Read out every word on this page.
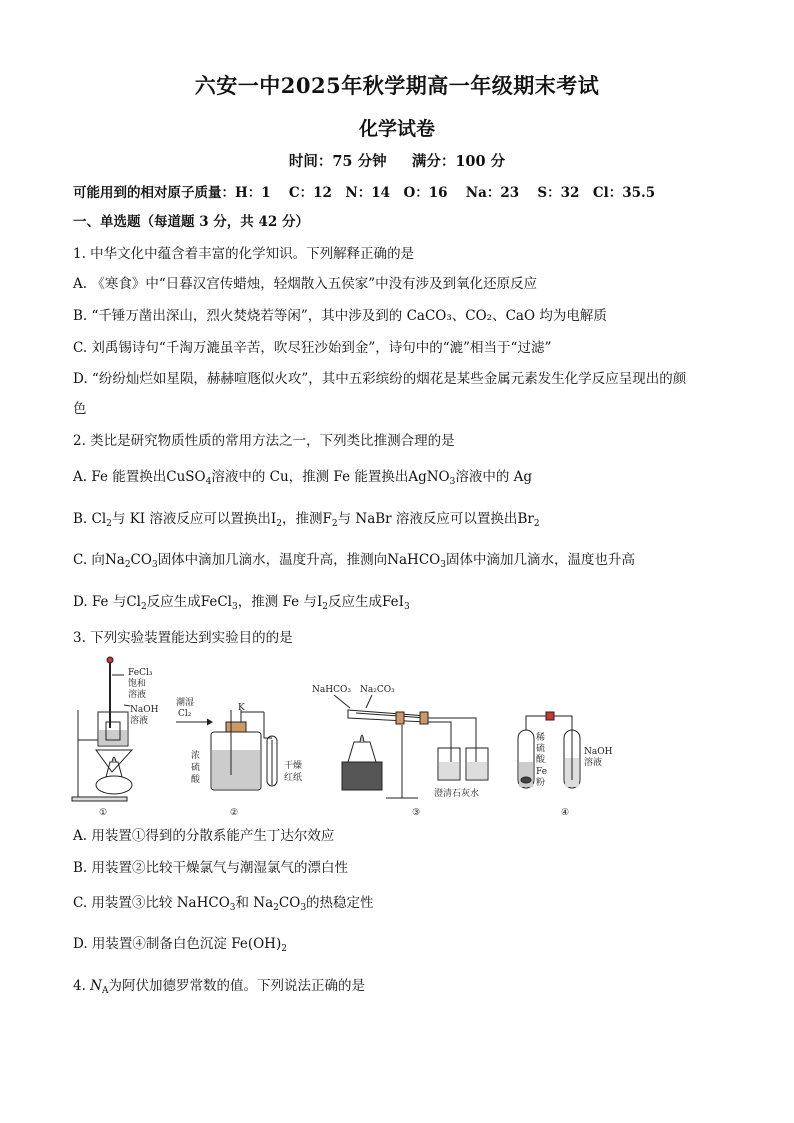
六安一中2025年秋学期高一年级期末考试
化学试卷
时间：75 分钟 满分：100 分
可能用到的相对原子质量：H：1　 C：12　N：14　O：16　 Na：23　 S：32　Cl：35.5
一、单选题（每道题 3 分，共 42 分）
1. 中华文化中蕴含着丰富的化学知识。下列解释正确的是
A. 《寒食》中“日暮汉宫传蜡烛，轻烟散入五侯家”中没有涉及到氧化还原反应
B. “千锤万凿出深山，烈火焚烧若等闲”，其中涉及到的 CaCO₃、CO₂、CaO 均为电解质
C. 刘禹锡诗句“千淘万漉虽辛苦，吹尽狂沙始到金”，诗句中的“漉”相当于“过滤”
D. “纷纷灿烂如星陨，赫赫喧豗似火攻”，其中五彩缤纷的烟花是某些金属元素发生化学反应呈现出的颜
色
2. 类比是研究物质性质的常用方法之一，下列类比推测合理的是
A. Fe 能置换出CuSO$_4$溶液中的 Cu，推测 Fe 能置换出AgNO$_3$溶液中的 Ag
B. $Cl_2$与 KI 溶液反应可以置换出$I_2$，推测$F_2$与 NaBr 溶液反应可以置换出$Br_2$
C. 向$Na_2CO_3$固体中滴加几滴水，温度升高，推测向NaHCO$_3$固体中滴加几滴水，温度也升高
D. Fe 与$Cl_2$反应生成FeCl$_3$，推测 Fe 与$I_2$反应生成FeI$_3$
3. 下列实验装置能达到实验目的的是
FeCl₃
饱和
溶液
NaOH
溶液
①
潮湿
Cl₂
K
浓
硫
酸
干燥
红纸
②
NaHCO₃ Na₂CO₃
澄清石灰水
③
稀
硫
酸
Fe
粉
NaOH
溶液
④
A. 用装置①得到的分散系能产生丁达尔效应
B. 用装置②比较干燥氯气与潮湿氯气的漂白性
C. 用装置③比较 NaHCO$_3$和 $Na_2CO_3$的热稳定性
D. 用装置④制备白色沉淀 $Fe(OH)_2$
4. $N_A$为阿伏加德罗常数的值。下列说法正确的是
